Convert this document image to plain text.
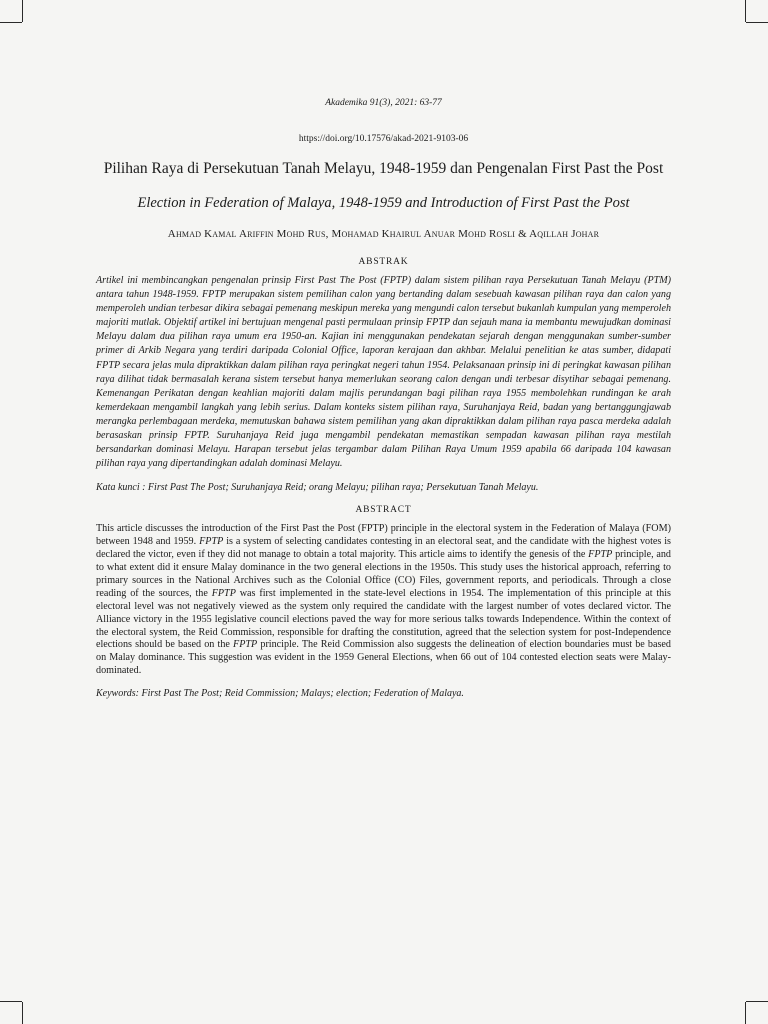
Akademika 91(3), 2021: 63-77

https://doi.org/10.17576/akad-2021-9103-06

Pilihan Raya di Persekutuan Tanah Melayu, 1948-1959 dan Pengenalan First Past the Post

Election in Federation of Malaya, 1948-1959 and Introduction of First Past the Post

Ahmad Kamal Ariffin Mohd Rus, Mohamad Khairul Anuar Mohd Rosli & Aqillah Johar

ABSTRAK

Artikel ini membincangkan pengenalan prinsip First Past The Post (FPTP) dalam sistem pilihan raya Persekutuan Tanah Melayu (PTM) antara tahun 1948-1959. FPTP merupakan sistem pemilihan calon yang bertanding dalam sesebuah kawasan pilihan raya dan calon yang memperoleh undian terbesar dikira sebagai pemenang meskipun mereka yang mengundi calon tersebut bukanlah kumpulan yang memperoleh majoriti mutlak. Objektif artikel ini bertujuan mengenal pasti permulaan prinsip FPTP dan sejauh mana ia membantu mewujudkan dominasi Melayu dalam dua pilihan raya umum era 1950-an. Kajian ini menggunakan pendekatan sejarah dengan menggunakan sumber-sumber primer di Arkib Negara yang terdiri daripada Colonial Office, laporan kerajaan dan akhbar. Melalui penelitian ke atas sumber, didapati FPTP secara jelas mula dipraktikkan dalam pilihan raya peringkat negeri tahun 1954. Pelaksanaan prinsip ini di peringkat kawasan pilihan raya dilihat tidak bermasalah kerana sistem tersebut hanya memerlukan seorang calon dengan undi terbesar disytihar sebagai pemenang. Kemenangan Perikatan dengan keahlian majoriti dalam majlis perundangan bagi pilihan raya 1955 membolehkan rundingan ke arah kemerdekaan mengambil langkah yang lebih serius. Dalam konteks sistem pilihan raya, Suruhanjaya Reid, badan yang bertanggungjawab merangka perlembagaan merdeka, memutuskan bahawa sistem pemilihan yang akan dipraktikkan dalam pilihan raya pasca merdeka adalah berasaskan prinsip FPTP. Suruhanjaya Reid juga mengambil pendekatan memastikan sempadan kawasan pilihan raya mestilah bersandarkan dominasi Melayu. Harapan tersebut jelas tergambar dalam Pilihan Raya Umum 1959 apabila 66 daripada 104 kawasan pilihan raya yang dipertandingkan adalah dominasi Melayu.

Kata kunci : First Past The Post; Suruhanjaya Reid; orang Melayu; pilihan raya; Persekutuan Tanah Melayu.

ABSTRACT

This article discusses the introduction of the First Past the Post (FPTP) principle in the electoral system in the Federation of Malaya (FOM) between 1948 and 1959. FPTP is a system of selecting candidates contesting in an electoral seat, and the candidate with the highest votes is declared the victor, even if they did not manage to obtain a total majority. This article aims to identify the genesis of the FPTP principle, and to what extent did it ensure Malay dominance in the two general elections in the 1950s. This study uses the historical approach, referring to primary sources in the National Archives such as the Colonial Office (CO) Files, government reports, and periodicals. Through a close reading of the sources, the FPTP was first implemented in the state-level elections in 1954. The implementation of this principle at this electoral level was not negatively viewed as the system only required the candidate with the largest number of votes declared victor. The Alliance victory in the 1955 legislative council elections paved the way for more serious talks towards Independence. Within the context of the electoral system, the Reid Commission, responsible for drafting the constitution, agreed that the selection system for post-Independence elections should be based on the FPTP principle. The Reid Commission also suggests the delineation of election boundaries must be based on Malay dominance. This suggestion was evident in the 1959 General Elections, when 66 out of 104 contested election seats were Malay-dominated.

Keywords: First Past The Post; Reid Commission; Malays; election; Federation of Malaya.
